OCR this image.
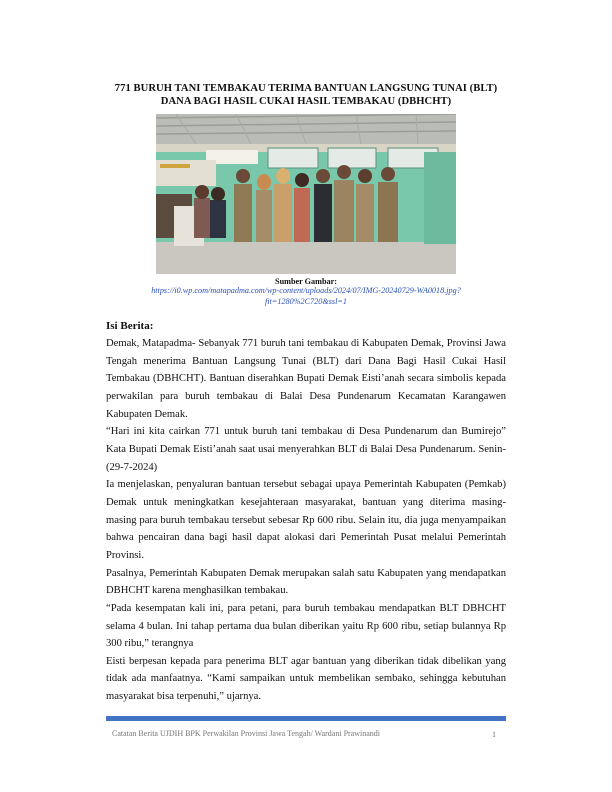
771 BURUH TANI TEMBAKAU TERIMA BANTUAN LANGSUNG TUNAI (BLT) DANA BAGI HASIL CUKAI HASIL TEMBAKAU (DBHCHT)
Sumber Gambar:
https://i0.wp.com/matapadma.com/wp-content/uploads/2024/07/IMG-20240729-WA0018.jpg?fit=1280%2C720&ssl=1
Isi Berita:

Demak, Matapadma- Sebanyak 771 buruh tani tembakau di Kabupaten Demak, Provinsi Jawa Tengah menerima Bantuan Langsung Tunai (BLT) dari Dana Bagi Hasil Cukai Hasil Tembakau (DBHCHT). Bantuan diserahkan Bupati Demak Eisti’anah secara simbolis kepada perwakilan para buruh tembakau di Balai Desa Pundenarum Kecamatan Karangawen Kabupaten Demak.

“Hari ini kita cairkan 771 untuk buruh tani tembakau di Desa Pundenarum dan Bumirejo” Kata Bupati Demak Eisti’anah saat usai menyerahkan BLT di Balai Desa Pundenarum. Senin- (29-7-2024)

Ia menjelaskan, penyaluran bantuan tersebut sebagai upaya Pemerintah Kabupaten (Pemkab) Demak untuk meningkatkan kesejahteraan masyarakat, bantuan yang diterima masing- masing para buruh tembakau tersebut sebesar Rp 600 ribu. Selain itu, dia juga menyampaikan bahwa pencairan dana bagi hasil dapat alokasi dari Pemerintah Pusat melalui Pemerintah Provinsi.

Pasalnya, Pemerintah Kabupaten Demak merupakan salah satu Kabupaten yang mendapatkan DBHCHT karena menghasilkan tembakau.

“Pada kesempatan kali ini, para petani, para buruh tembakau mendapatkan BLT DBHCHT selama 4 bulan. Ini tahap pertama dua bulan diberikan yaitu Rp 600 ribu, setiap bulannya Rp 300 ribu,” terangnya

Eisti berpesan kepada para penerima BLT agar bantuan yang diberikan tidak dibelikan yang tidak ada manfaatnya. “Kami sampaikan untuk membelikan sembako, sehingga kebutuhan masyarakat bisa terpenuhi,” ujarnya.

Catatan Berita UJDIH BPK Perwakilan Provinsi Jawa Tengah/ Wardani Prawinandi	1
